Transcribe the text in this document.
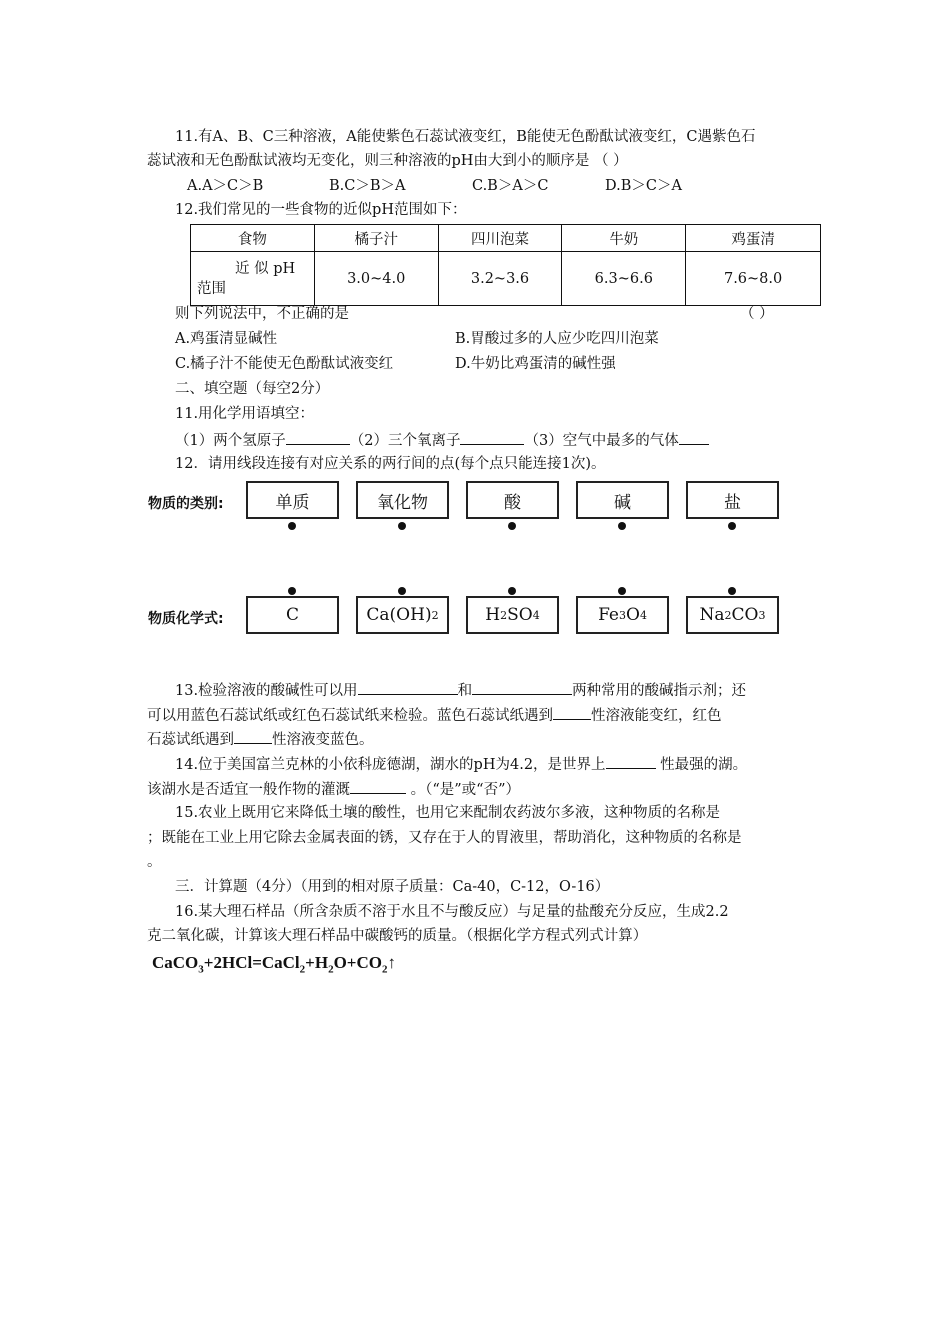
11.有A、B、C三种溶液，A能使紫色石蕊试液变红，B能使无色酚酞试液变红，C遇紫色石
蕊试液和无色酚酞试液均无变化，则三种溶液的pH由大到小的顺序是 （ ）
A.A＞C＞B	B.C＞B＞A	C.B＞A＞C	D.B＞C＞A
12.我们常见的一些食物的近似pH范围如下：
食物	橘子汁	四川泡菜	牛奶	鸡蛋清

近 似 pH
范围	3.0~4.0	3.2~3.6	6.3~6.6	7.6~8.0
则下列说法中，不正确的是	（ ）
A.鸡蛋清显碱性	B.胃酸过多的人应少吃四川泡菜
C.橘子汁不能使无色酚酞试液变红	D.牛奶比鸡蛋清的碱性强
二、填空题（每空2分）
11.用化学用语填空：
（1）两个氢原子	（2）三个氧离子	（3）空气中最多的气体
12．请用线段连接有对应关系的两行间的点(每个点只能连接1次)。
物质的类别:
物质化学式:
单质	氧化物	酸	碱	盐
C	Ca(OH) 2	H 2 SO 4	Fe 3 O 4	Na 2 CO 3
13.检验溶液的酸碱性可以用	和	两种常用的酸碱指示剂；还
可以用蓝色石蕊试纸或红色石蕊试纸来检验。蓝色石蕊试纸遇到	性溶液能变红，红色
石蕊试纸遇到	性溶液变蓝色。
14.位于美国富兰克林的小依科庞德湖，湖水的pH为4.2，是世界上	性最强的湖。
该湖水是否适宜一般作物的灌溉	。（“是”或“否”）
15.农业上既用它来降低土壤的酸性，也用它来配制农药波尔多液，这种物质的名称是
；既能在工业上用它除去金属表面的锈，又存在于人的胃液里，帮助消化，这种物质的名称是
。
三．计算题（4分）（用到的相对原子质量：Ca-40，C-12，O-16）
16.某大理石样品（所含杂质不溶于水且不与酸反应）与足量的盐酸充分反应，生成2.2
克二氧化碳，计算该大理石样品中碳酸钙的质量。（根据化学方程式列式计算）
$CaCO_3+2HCl=CaCl_2+H_2O+CO_2↑$
